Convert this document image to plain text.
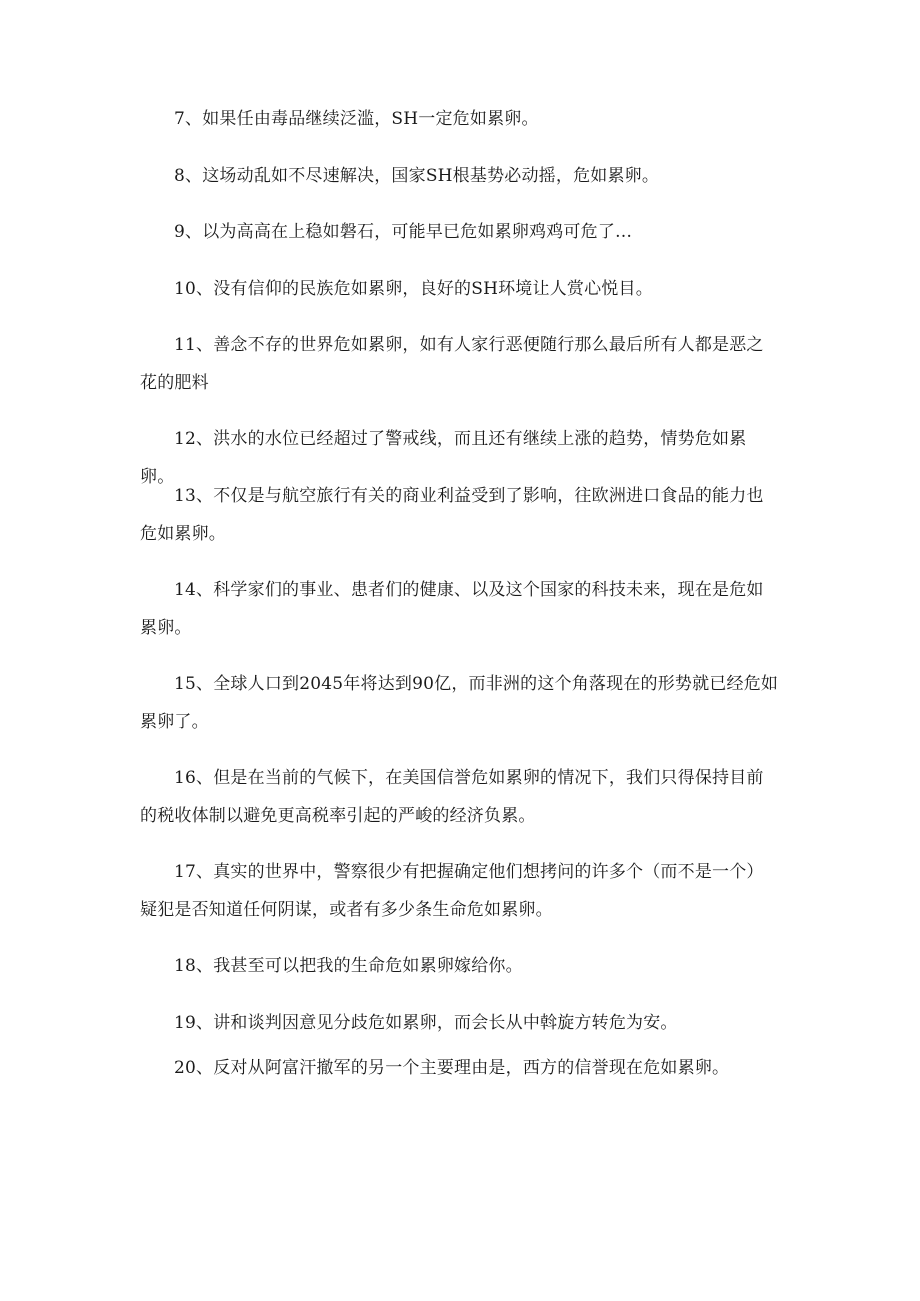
7、如果任由毒品继续泛滥，SH一定危如累卵。

8、这场动乱如不尽速解决，国家SH根基势必动摇，危如累卵。

9、以为高高在上稳如磐石，可能早已危如累卵鸡鸡可危了…

10、没有信仰的民族危如累卵，良好的SH环境让人赏心悦目。

11、善念不存的世界危如累卵，如有人家行恶便随行那么最后所有人都是恶之花的肥料

12、洪水的水位已经超过了警戒线，而且还有继续上涨的趋势，情势危如累卵。

13、不仅是与航空旅行有关的商业利益受到了影响，往欧洲进口食品的能力也危如累卵。

14、科学家们的事业、患者们的健康、以及这个国家的科技未来，现在是危如累卵。

15、全球人口到2045年将达到90亿，而非洲的这个角落现在的形势就已经危如累卵了。

16、但是在当前的气候下，在美国信誉危如累卵的情况下，我们只得保持目前的税收体制以避免更高税率引起的严峻的经济负累。

17、真实的世界中，警察很少有把握确定他们想拷问的许多个（而不是一个）疑犯是否知道任何阴谋，或者有多少条生命危如累卵。

18、我甚至可以把我的生命危如累卵嫁给你。

19、讲和谈判因意见分歧危如累卵，而会长从中斡旋方转危为安。

20、反对从阿富汗撤军的另一个主要理由是，西方的信誉现在危如累卵。
